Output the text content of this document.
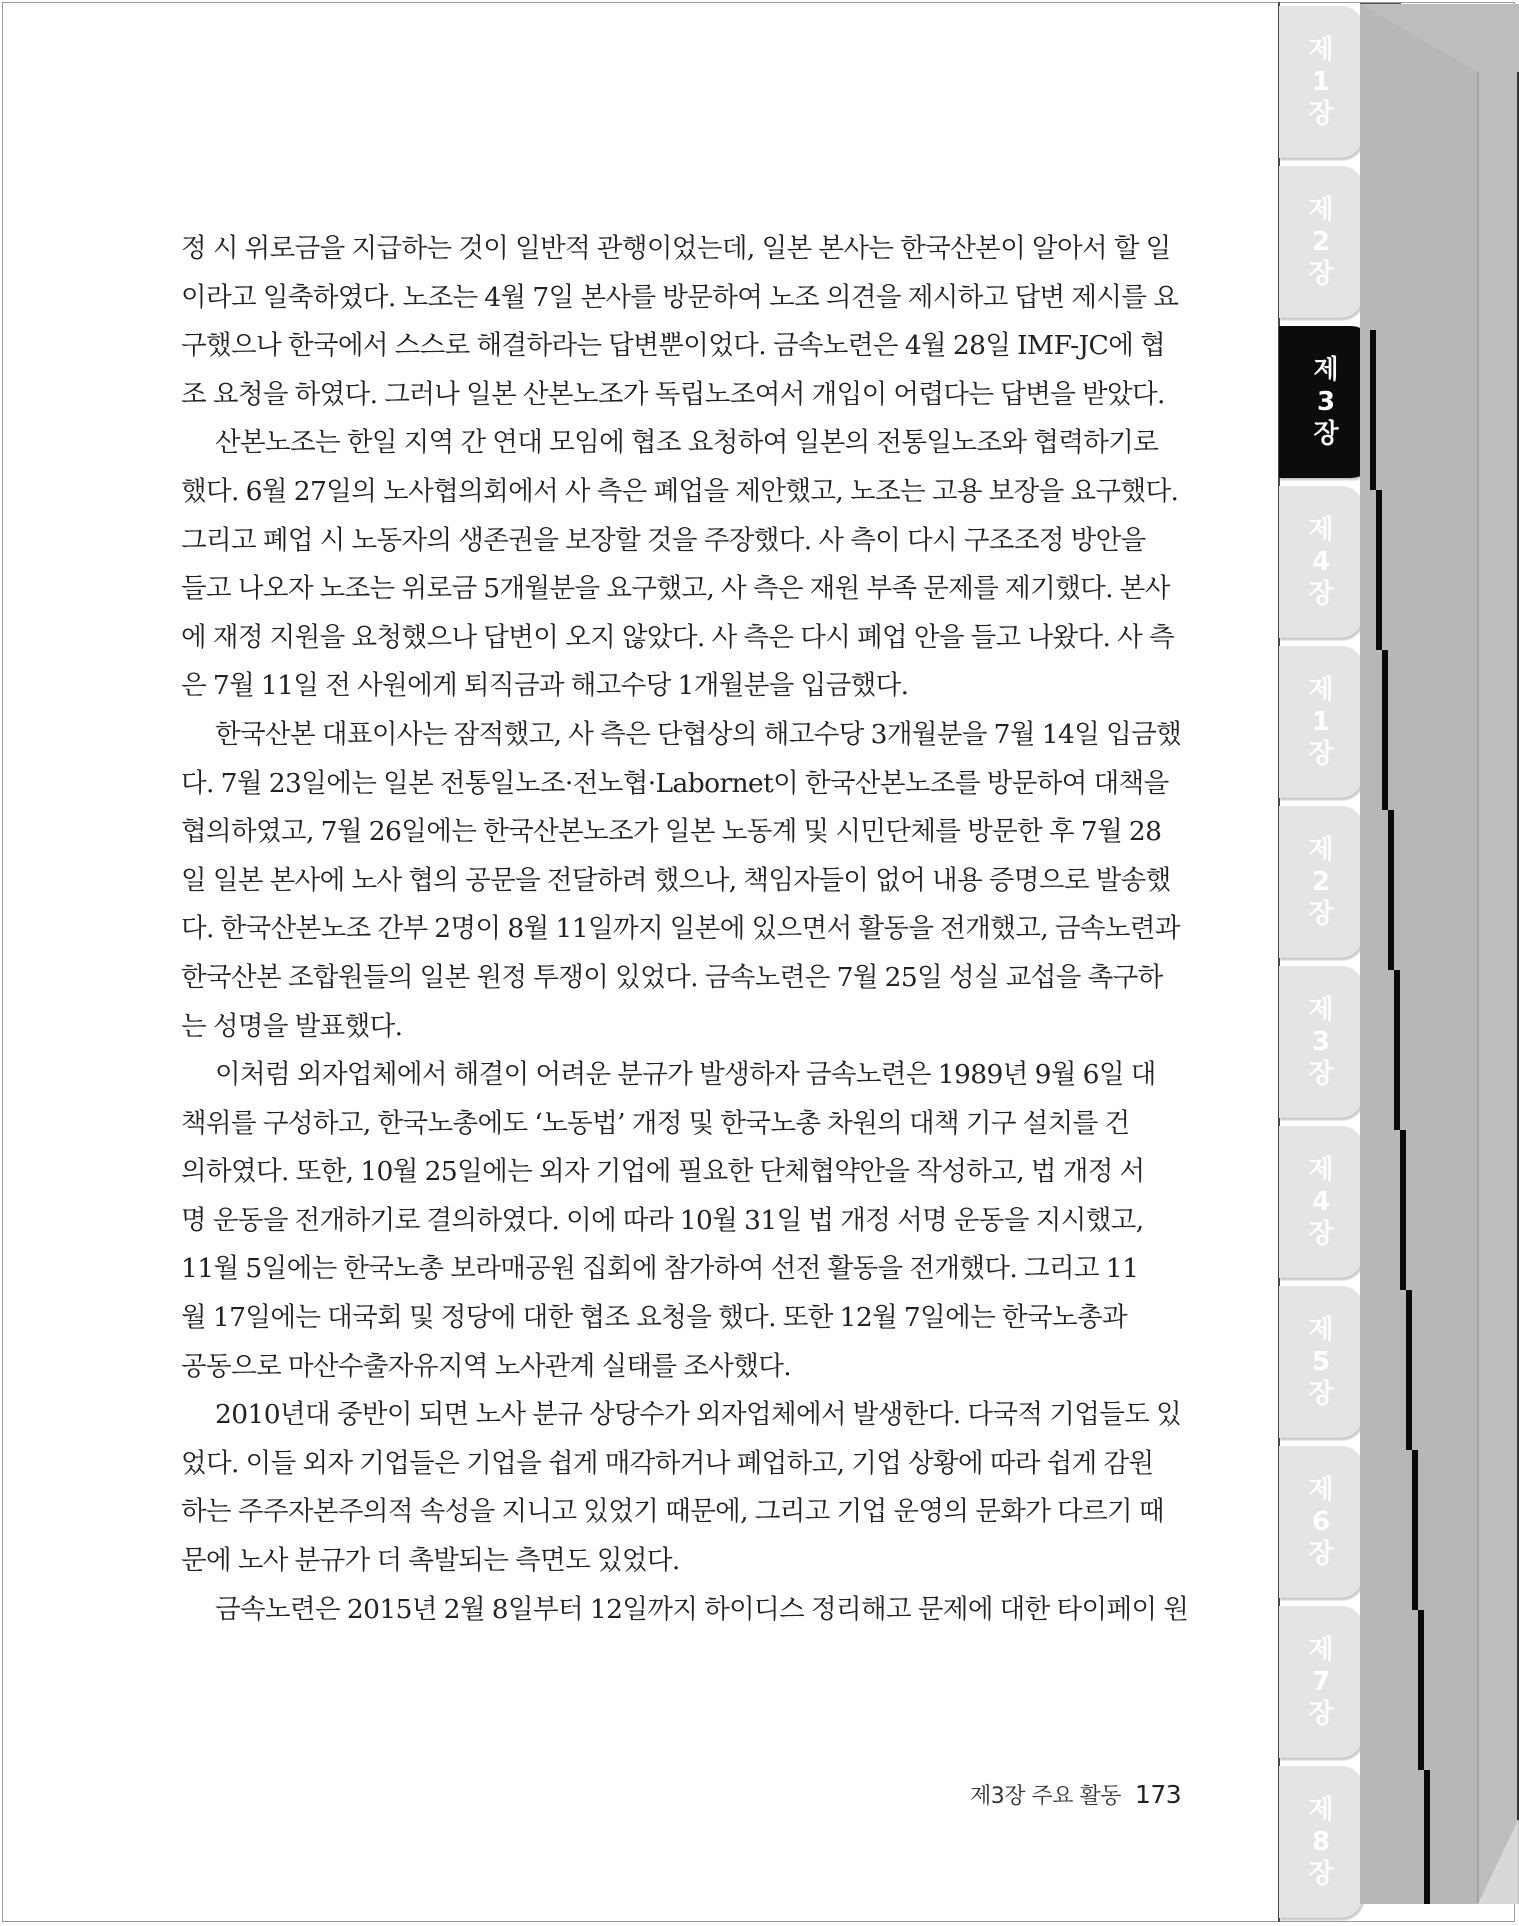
정 시 위로금을 지급하는 것이 일반적 관행이었는데, 일본 본사는 한국산본이 알아서 할 일
이라고 일축하였다. 노조는 4월 7일 본사를 방문하여 노조 의견을 제시하고 답변 제시를 요
구했으나 한국에서 스스로 해결하라는 답변뿐이었다. 금속노련은 4월 28일 IMF-JC에 협
조 요청을 하였다. 그러나 일본 산본노조가 독립노조여서 개입이 어렵다는 답변을 받았다.
산본노조는 한일 지역 간 연대 모임에 협조 요청하여 일본의 전통일노조와 협력하기로
했다. 6월 27일의 노사협의회에서 사 측은 폐업을 제안했고, 노조는 고용 보장을 요구했다.
그리고 폐업 시 노동자의 생존권을 보장할 것을 주장했다. 사 측이 다시 구조조정 방안을
들고 나오자 노조는 위로금 5개월분을 요구했고, 사 측은 재원 부족 문제를 제기했다. 본사
에 재정 지원을 요청했으나 답변이 오지 않았다. 사 측은 다시 폐업 안을 들고 나왔다. 사 측
은 7월 11일 전 사원에게 퇴직금과 해고수당 1개월분을 입금했다.
한국산본 대표이사는 잠적했고, 사 측은 단협상의 해고수당 3개월분을 7월 14일 입금했
다. 7월 23일에는 일본 전통일노조·전노협·Labornet이 한국산본노조를 방문하여 대책을
협의하였고, 7월 26일에는 한국산본노조가 일본 노동계 및 시민단체를 방문한 후 7월 28
일 일본 본사에 노사 협의 공문을 전달하려 했으나, 책임자들이 없어 내용 증명으로 발송했
다. 한국산본노조 간부 2명이 8월 11일까지 일본에 있으면서 활동을 전개했고, 금속노련과
한국산본 조합원들의 일본 원정 투쟁이 있었다. 금속노련은 7월 25일 성실 교섭을 촉구하
는 성명을 발표했다.
이처럼 외자업체에서 해결이 어려운 분규가 발생하자 금속노련은 1989년 9월 6일 대
책위를 구성하고, 한국노총에도 ‘노동법’ 개정 및 한국노총 차원의 대책 기구 설치를 건
의하였다. 또한, 10월 25일에는 외자 기업에 필요한 단체협약안을 작성하고, 법 개정 서
명 운동을 전개하기로 결의하였다. 이에 따라 10월 31일 법 개정 서명 운동을 지시했고,
11월 5일에는 한국노총 보라매공원 집회에 참가하여 선전 활동을 전개했다. 그리고 11
월 17일에는 대국회 및 정당에 대한 협조 요청을 했다. 또한 12월 7일에는 한국노총과
공동으로 마산수출자유지역 노사관계 실태를 조사했다.
2010년대 중반이 되면 노사 분규 상당수가 외자업체에서 발생한다. 다국적 기업들도 있
었다. 이들 외자 기업들은 기업을 쉽게 매각하거나 폐업하고, 기업 상황에 따라 쉽게 감원
하는 주주자본주의적 속성을 지니고 있었기 때문에, 그리고 기업 운영의 문화가 다르기 때
문에 노사 분규가 더 촉발되는 측면도 있었다.
금속노련은 2015년 2월 8일부터 12일까지 하이디스 정리해고 문제에 대한 타이페이 원
제3장 주요 활동 173
제
1
장
제
2
장
제
3
장
제
4
장
제
1
장
제
2
장
제
3
장
제
4
장
제
5
장
제
6
장
제
7
장
제
8
장
